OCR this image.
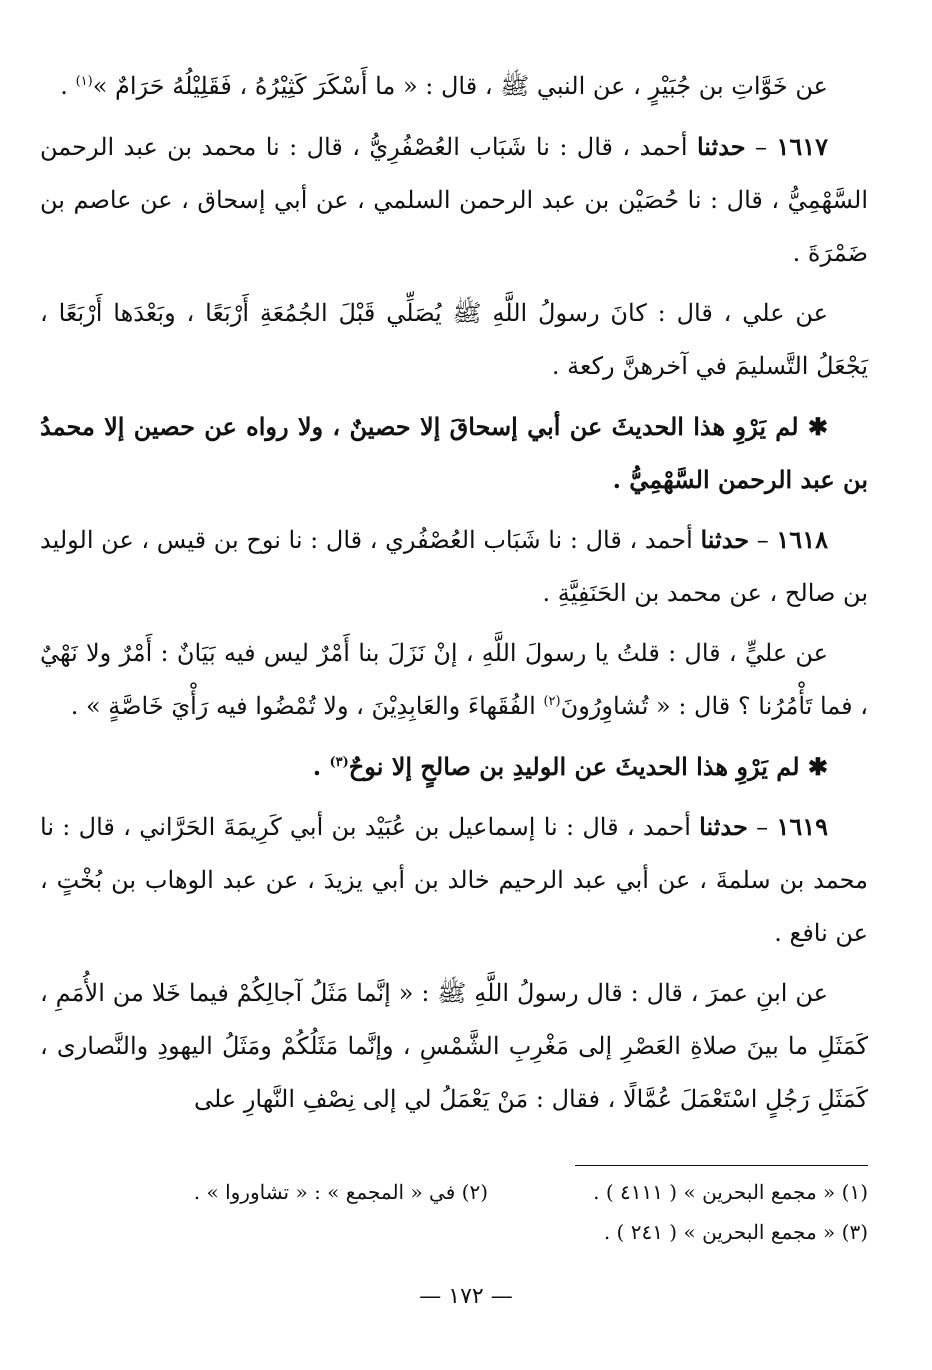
عن خَوَّاتِ بن جُبَيْرٍ ، عن النبي ﷺ ، قال : « ما أَسْكَرَ كَثِيْرُهُ ، فَقَلِيْلُهُ حَرَامٌ »$^{(١)}$ .

١٦١٧ – حدثنا أحمد ، قال : نا شَبَاب العُصْفُرِيُّ ، قال : نا محمد بن عبد الرحمن السَّهْمِيُّ ، قال : نا حُصَيْن بن عبد الرحمن السلمي ، عن أبي إسحاق ، عن عاصم بن ضَمْرَةَ .

عن علي ، قال : كانَ رسولُ اللَّهِ ﷺ يُصَلِّي قَبْلَ الجُمُعَةِ أَرْبَعًا ، وبَعْدَها أَرْبَعًا ، يَجْعَلُ التَّسليمَ في آخرهنَّ ركعة .

✱ لم يَرْوِ هذا الحديثَ عن أبي إسحاقَ إلا حصينٌ ، ولا رواه عن حصين إلا محمدُ بن عبد الرحمن السَّهْمِيُّ .

١٦١٨ – حدثنا أحمد ، قال : نا شَبَاب العُصْفُري ، قال : نا نوح بن قيس ، عن الوليد بن صالح ، عن محمد بن الحَنَفِيَّةِ .

عن عليٍّ ، قال : قلتُ يا رسولَ اللَّهِ ، إنْ نَزَلَ بنا أَمْرٌ ليس فيه بَيَانٌ : أَمْرٌ ولا نَهْيٌ ، فما تَأْمُرُنا ؟ قال : « تُشاوِرُونَ$^{(٢)}$ الفُقَهاءَ والعَابِدِيْنَ ، ولا تُمْضُوا فيه رَأْيَ خَاصَّةٍ » .

✱ لم يَرْوِ هذا الحديثَ عن الوليدِ بن صالحٍ إلا نوحٌ$^{(٣)}$ .

١٦١٩ – حدثنا أحمد ، قال : نا إسماعيل بن عُبَيْد بن أبي كَرِيمَةَ الحَرَّاني ، قال : نا محمد بن سلمةَ ، عن أبي عبد الرحيم خالد بن أبي يزيدَ ، عن عبد الوهاب بن بُخْتٍ ، عن نافع .

عن ابنِ عمرَ ، قال : قال رسولُ اللَّهِ ﷺ : « إنَّما مَثَلُ آجالِكُمْ فيما خَلا من الأُمَمِ ، كَمَثَلِ ما بينَ صلاةِ العَصْرِ إلى مَغْرِبِ الشَّمْسِ ، وإنَّما مَثَلُكُمْ ومَثَلُ اليهودِ والنَّصارى ، كَمَثَلِ رَجُلٍ اسْتَعْمَلَ عُمَّالًا ، فقال : مَنْ يَعْمَلُ لي إلى نِصْفِ النَّهارِ على

(١) « مجمع البحرين » ( ٤١١١ ) .
(٢) في « المجمع » : « تشاوروا » .
(٣) « مجمع البحرين » ( ٢٤١ ) .
— ١٧٢ —
